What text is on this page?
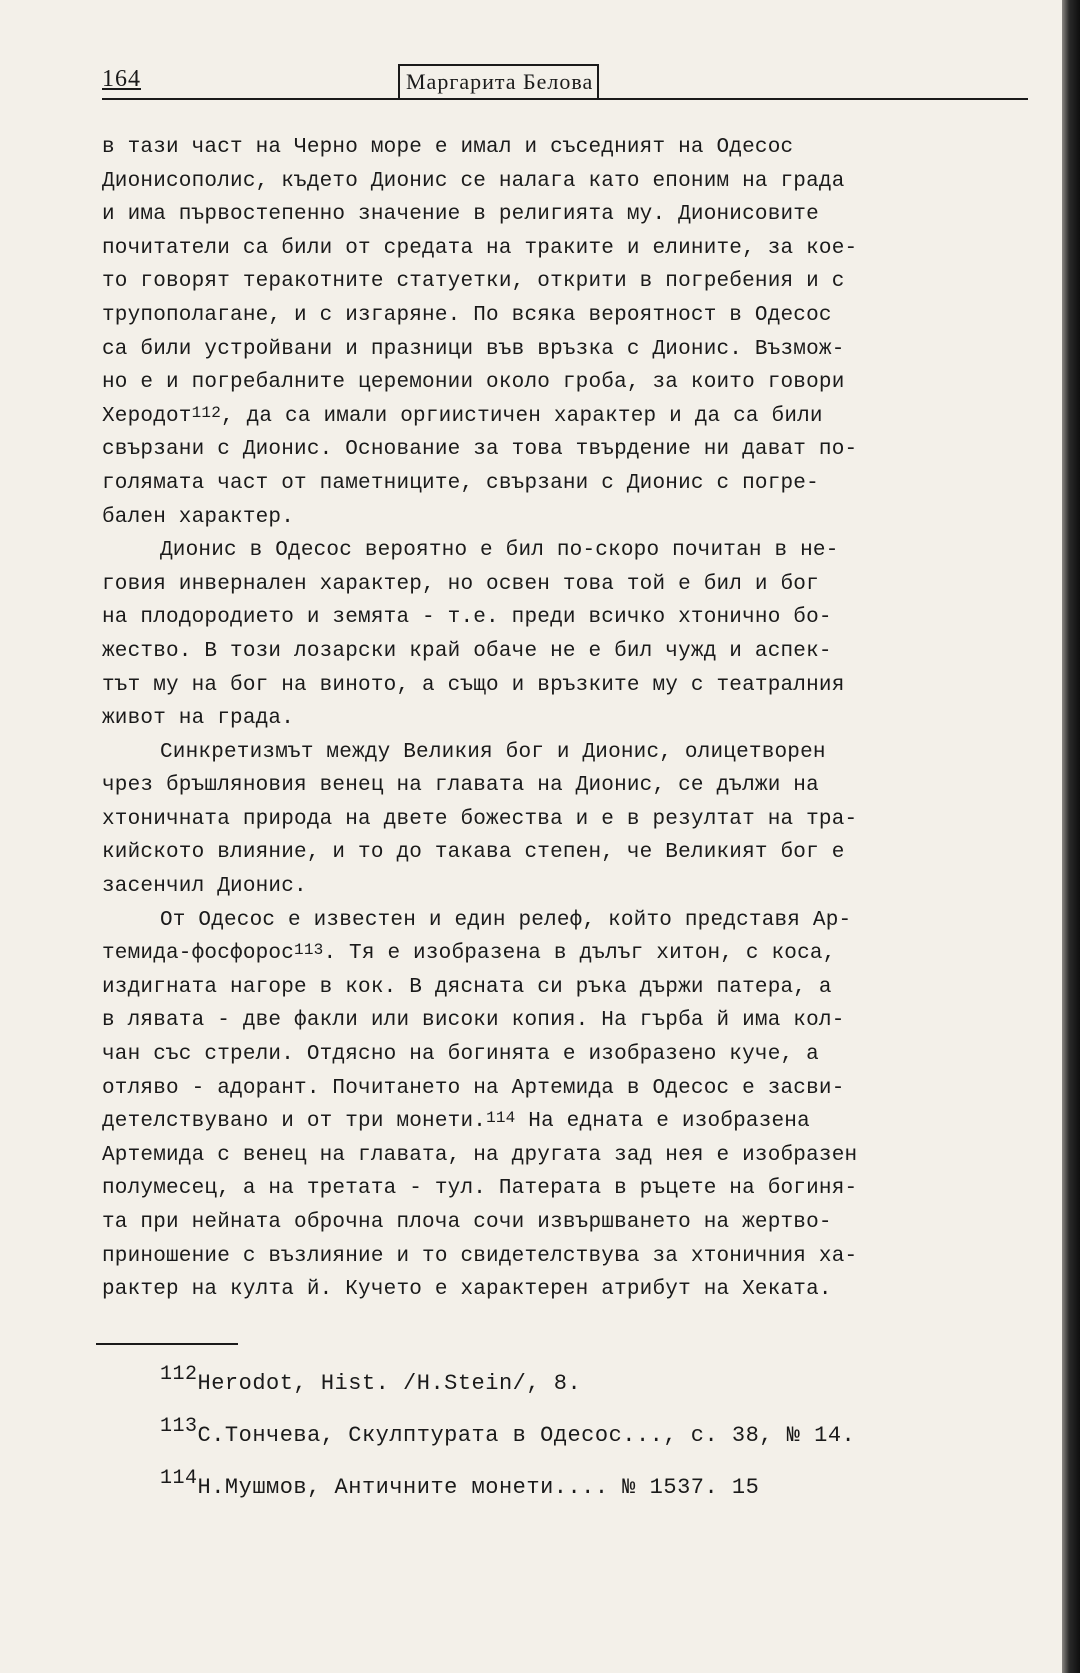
164	Маргарита Белова
в тази част на Черно море е имал и съседният на Одесос
Дионисополис, където Дионис се налага като епоним на града
и има първостепенно значение в религията му. Дионисовите
почитатели са били от средата на траките и елините, за кое-
то говорят теракотните статуетки, открити в погребения и с
трупополагане, и с изгаряне. По всяка вероятност в Одесос
са били устройвани и празници във връзка с Дионис. Възмож-
но е и погребалните церемонии около гроба, за които говори
Херодот$^{112}$, да са имали оргиистичен характер и да са били
свързани с Дионис. Основание за това твърдение ни дават по-
голямата част от паметниците, свързани с Дионис с погре-
бален характер.
Дионис в Одесос вероятно е бил по-скоро почитан в не-
говия инвернален характер, но освен това той е бил и бог
на плодородието и земята - т.е. преди всичко хтонично бо-
жество. В този лозарски край обаче не е бил чужд и аспек-
тът му на бог на виното, а също и връзките му с театралния
живот на града.
Синкретизмът между Великия бог и Дионис, олицетворен
чрез бръшляновия венец на главата на Дионис, се дължи на
хтоничната природа на двете божества и е в резултат на тра-
кийското влияние, и то до такава степен, че Великият бог е
засенчил Дионис.
От Одесос е известен и един релеф, който представя Ар-
темида-фосфорос$^{113}$. Тя е изобразена в дълъг хитон, с коса,
издигната нагоре в кок. В дясната си ръка държи патера, а
в лявата - две факли или високи копия. На гърба й има кол-
чан със стрели. Отдясно на богинята е изобразено куче, а
отляво - адорант. Почитането на Артемида в Одесос е засви-
детелствувано и от три монети.$^{114}$ На едната е изобразена
Артемида с венец на главата, на другата зад нея е изобразен
полумесец, а на третата - тул. Патерата в ръцете на богиня-
та при нейната оброчна плоча сочи извършването на жертво-
приношение с възлияние и то свидетелствува за хтоничния ха-
рактер на култа й. Кучето е характерен атрибут на Хеката.
112Herodot, Hist. /H.Stein/, 8.
113С.Тончева, Скулптурата в Одесос..., с. 38, № 14.
114Н.Мушмов, Античните монети.... № 1537. 15
